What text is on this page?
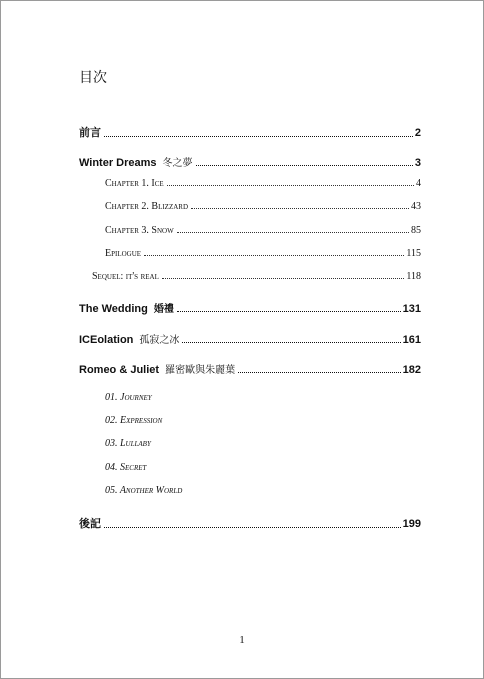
目次
前言	2
Winter Dreams 冬之夢	3
Chapter 1. Ice	4
Chapter 2. Blizzard	43
Chapter 3. Snow	85
Epilogue	115
Sequel: it's real	118
The Wedding 婚禮	131
ICEolation 孤寂之冰	161
Romeo & Juliet 羅密歐與朱麗葉	182
01. Journey
02. Expression
03. Lullaby
04. Secret
05. Another World
後記	199
1
